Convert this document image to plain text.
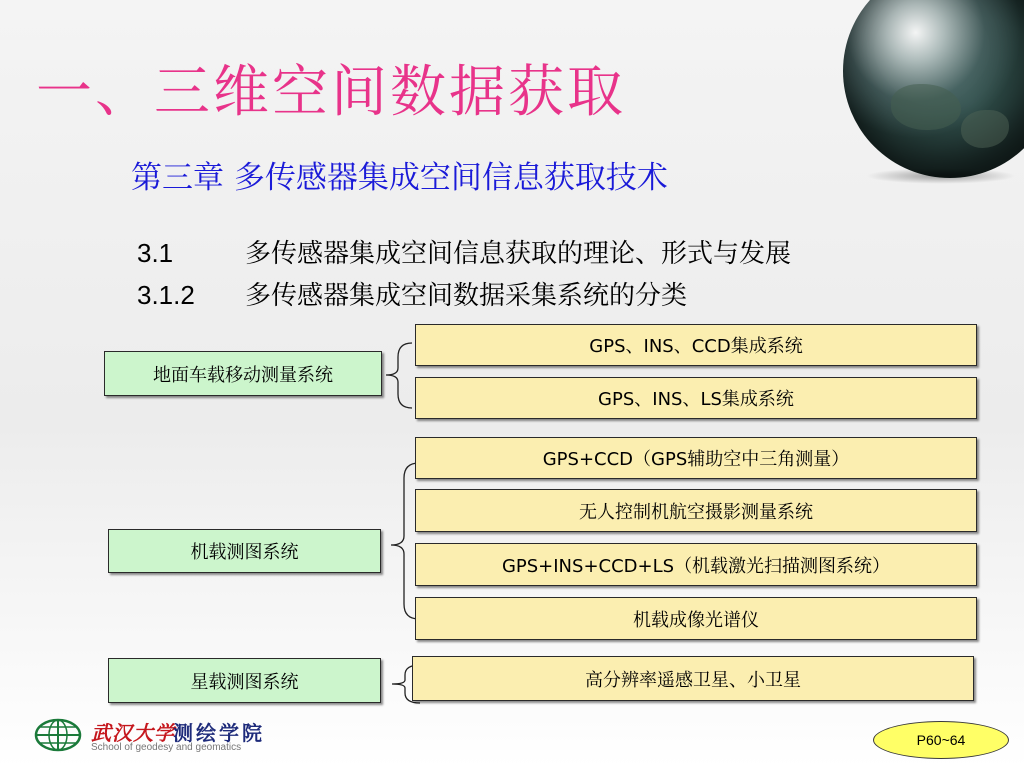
一、三维空间数据获取
第三章 多传感器集成空间信息获取技术
3.1	多传感器集成空间信息获取的理论、形式与发展
3.1.2 多传感器集成空间数据采集系统的分类
地面车载移动测量系统
机载测图系统
星载测图系统
GPS、INS、CCD集成系统
GPS、INS、LS集成系统
GPS+CCD（GPS辅助空中三角测量）
无人控制机航空摄影测量系统
GPS+INS+CCD+LS（机载激光扫描测图系统）
机载成像光谱仪
高分辨率遥感卫星、小卫星
武汉大学
测绘学院
School of geodesy and geomatics	P60~64
